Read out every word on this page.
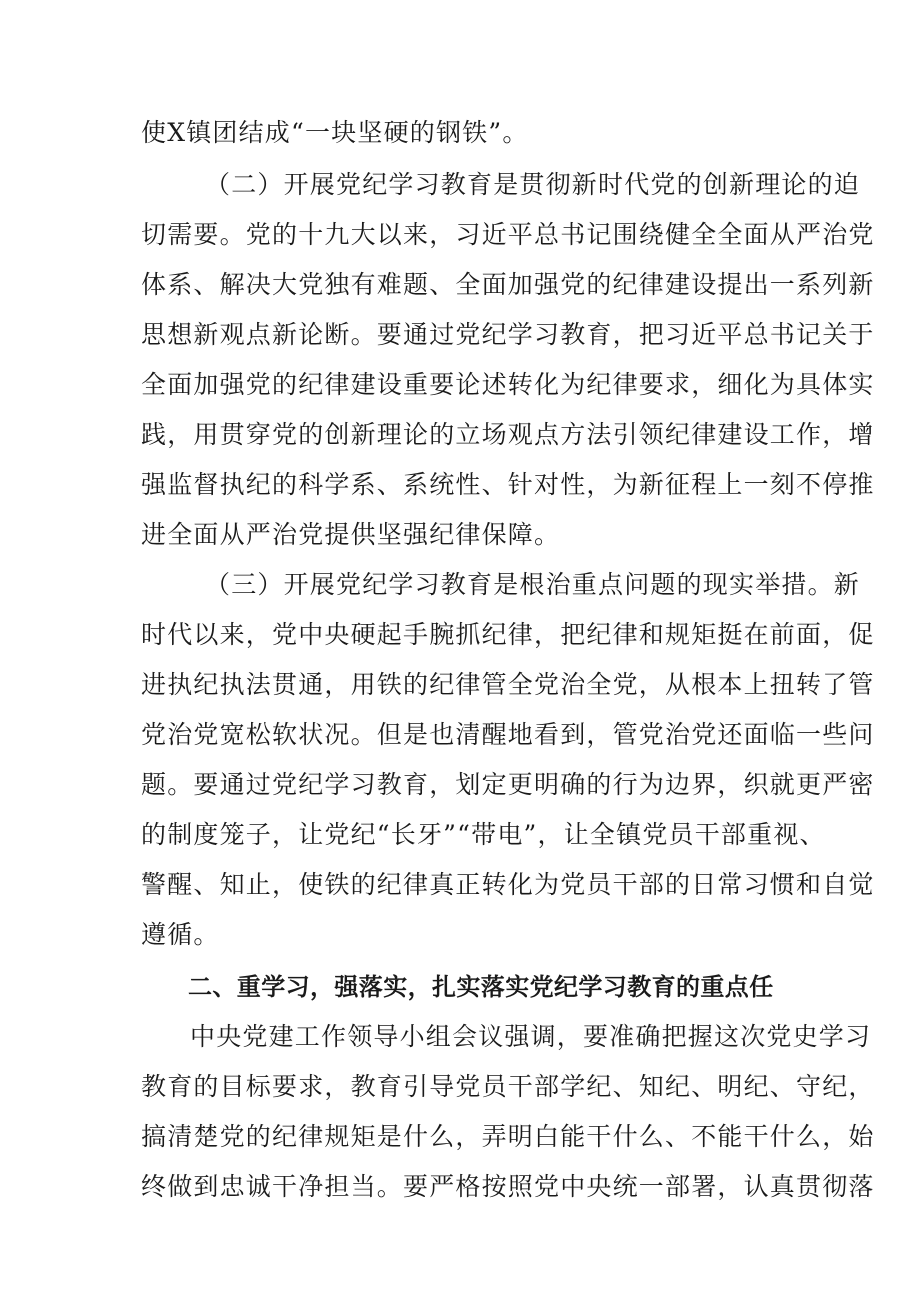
使X镇团结成“一块坚硬的钢铁”。
（二）开展党纪学习教育是贯彻新时代党的创新理论的迫
切需要。党的十九大以来，习近平总书记围绕健全全面从严治党
体系、解决大党独有难题、全面加强党的纪律建设提出一系列新
思想新观点新论断。要通过党纪学习教育，把习近平总书记关于
全面加强党的纪律建设重要论述转化为纪律要求，细化为具体实
践，用贯穿党的创新理论的立场观点方法引领纪律建设工作，增
强监督执纪的科学系、系统性、针对性，为新征程上一刻不停推
进全面从严治党提供坚强纪律保障。
（三）开展党纪学习教育是根治重点问题的现实举措。新
时代以来，党中央硬起手腕抓纪律，把纪律和规矩挺在前面，促
进执纪执法贯通，用铁的纪律管全党治全党，从根本上扭转了管
党治党宽松软状况。但是也清醒地看到，管党治党还面临一些问
题。要通过党纪学习教育，划定更明确的行为边界，织就更严密
的制度笼子，让党纪“长牙”“带电”，让全镇党员干部重视、
警醒、知止，使铁的纪律真正转化为党员干部的日常习惯和自觉
遵循。
二、重学习，强落实，扎实落实党纪学习教育的重点任
中央党建工作领导小组会议强调，要准确把握这次党史学习
教育的目标要求，教育引导党员干部学纪、知纪、明纪、守纪，
搞清楚党的纪律规矩是什么，弄明白能干什么、不能干什么，始
终做到忠诚干净担当。要严格按照党中央统一部署，认真贯彻落
